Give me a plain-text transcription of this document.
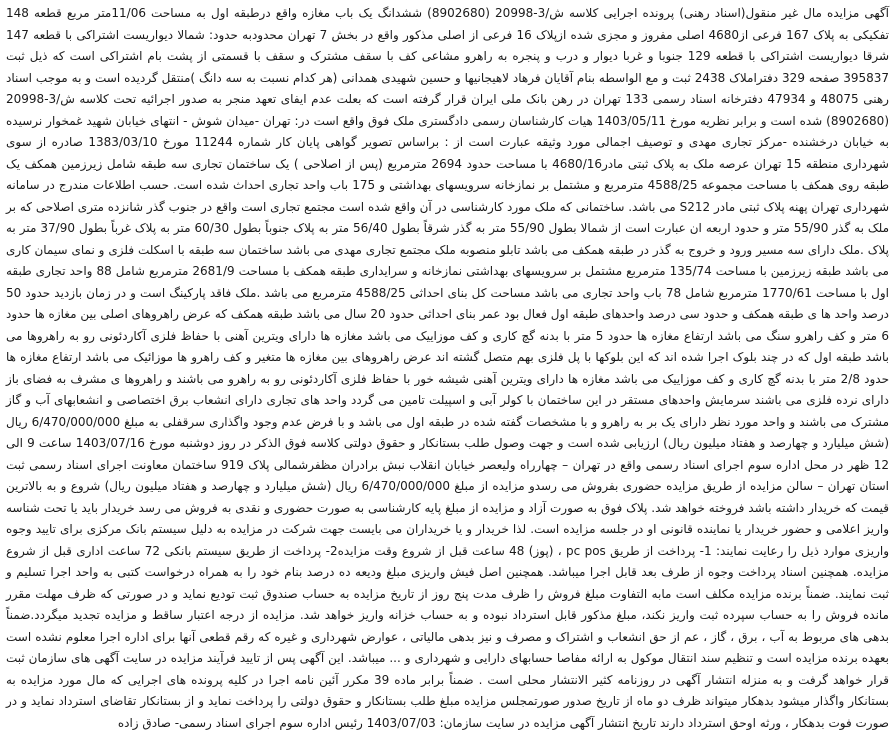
آگهی مزایده مال غیر منقول(اسناد رهنی) پرونده اجرایی کلاسه ش/3-20998 (8902680) ششدانگ یک باب مغازه واقع درطبقه اول به مساحت 11/06متر مربع قطعه 148 تفکیکی به پلاک 167 فرعی از4680 اصلی مفروز و مجزی شده ازپلاک 16 فرعی از اصلی مذکور واقع در بخش 7 تهران محدودبه حدود: شمالا دیواریست اشتراکی با قطعه 147 شرقا دیواریست اشتراکی با قطعه 129 جنوبا و غربا دیوار و درب و پنجره به راهرو مشاعی کف با سقف مشترک و سقف با قسمتی از پشت بام اشتراکی است که ذیل ثبت 395837 صفحه 329 دفتراملاک 2438 ثبت و مع الواسطه بنام آقایان فرهاد لاهیجانیها و حسین شهیدی همدانی (هر کدام نسبت به سه دانگ )منتقل گردیده است و به موجب اسناد رهنی 48075 و 47934 دفترخانه اسناد رسمی 133 تهران در رهن بانک ملی ایران قرار گرفته است که بعلت عدم ایفای تعهد منجر به صدور اجرائیه تحت کلاسه ش/3-20998 (8902680) شده است و برابر نظریه مورخ 1403/05/11 هیات کارشناسان رسمی دادگستری ملک فوق واقع است در: تهران -میدان شوش - انتهای خیابان شهید غمخوار نرسیده به خیابان درخشنده -مرکز تجاری مهدی و توصیف اجمالی مورد وثیقه عبارت است از : براساس تصویر گواهی پایان کار شماره 11244 مورخ 1383/03/10 صادره از سوی شهرداری منطقه 15 تهران عرصه ملک به پلاک ثبتی مادر4680/16 با مساحت حدود 2694 مترمربع (پس از اصلاحی ) یک ساختمان تجاری سه طبقه شامل زیرزمین همکف یک طبقه روی همکف با مساحت مجموعه 4588/25 مترمربع و مشتمل بر نمازخانه سرویسهای بهداشتی و 175 باب واحد تجاری احداث شده است. حسب اطلاعات مندرج در سامانه شهرداری تهران پهنه پلاک ثبتی مادر S212 می باشد. ساختمانی که ملک مورد کارشناسی در آن واقع شده است مجتمع تجاری است واقع در جنوب گذر شانزده متری اصلاحی که بر ملک به گذر 55/90 متر و حدود اربعه ان عبارت است از شمالا بطول 55/90 متر به گذر شرقاً بطول 56/40 متر به پلاک جنوباً بطول 60/30 متر به پلاک غرباً بطول 37/90 متر به پلاک .ملک دارای سه مسیر ورود و خروج به گذر در طبقه همکف می باشد تابلو منصوبه ملک مجتمع تجاری مهدی می باشد ساختمان سه طبقه با اسکلت فلزی و نمای سیمان کاری می باشد طبقه زیرزمین با مساحت 135/74 مترمربع مشتمل بر سرویسهای بهداشتی نمازخانه و سرایداری طبقه همکف با مساحت 2681/9 مترمربع شامل 88 واحد تجاری طبقه اول با مساحت 1770/61 مترمربع شامل 78 باب واحد تجاری می باشد مساحت کل بنای احداثی 4588/25 مترمربع می باشد .ملک فاقد پارکینگ است و در زمان بازدید حدود 50 درصد واحد ها ی طبقه همکف و حدود سی درصد واحدهای طبقه اول فعال بود عمر بنای احداثی حدود 20 سال می باشد طبقه همکف که عرض راهروهای اصلی بین مغازه ها حدود 6 متر و کف راهرو سنگ می باشد ارتفاع مغازه ها حدود 5 متر با بدنه گچ کاری و کف موزاییک می باشد مغازه ها دارای ویترین آهنی با حفاظ فلزی آکاردئونی رو به راهروها می باشد طبقه اول که در چند بلوک اجرا شده اند که این بلوکها با پل فلزی بهم متصل گشته اند عرض راهروهای بین مغازه ها متغیر و کف راهرو ها موزائیک می باشد ارتفاع مغازه ها حدود 2/8 متر با بدنه گچ کاری و کف موزاییک می باشد مغازه ها دارای ویترین آهنی شیشه خور با حفاظ فلزی آکاردئونی رو به راهرو می باشند و راهروها ی مشرف به فضای باز دارای نرده فلزی می باشند سرمایش واحدهای مستقر در این ساختمان با کولر آبی و اسپیلت تامین می گردد واحد های تجاری دارای انشعاب برق اختصاصی و انشعابهای آب و گاز مشترک می باشند و واحد مورد نظر دارای یک بر به راهرو و با مشخصات گفته شده در طبقه اول می باشد و با فرض عدم وجود واگذاری سرقفلی به مبلغ 6/470/000/000 ریال (شش میلیارد و چهارصد و هفتاد میلیون ریال) ارزیابی شده است و جهت وصول طلب بستانکار و حقوق دولتی کلاسه فوق الذکر در روز دوشنبه مورخ 1403/07/16 ساعت 9 الی 12 ظهر در محل اداره سوم اجرای اسناد رسمی واقع در تهران – چهارراه ولیعصر خیابان انقلاب نبش برادران مظفرشمالی پلاک 919 ساختمان معاونت اجرای اسناد رسمی ثبت استان تهران – سالن مزایده از طریق مزایده حضوری بفروش می رسدو مزایده از مبلغ 6/470/000/000 ریال (شش میلیارد و چهارصد و هفتاد میلیون ریال) شروع و به بالاترین قیمت که خریدار داشته باشد فروخته خواهد شد. پلاک فوق به صورت آزاد و مزایده از مبلغ پایه کارشناسی به صورت حضوری و نقدی به فروش می رسد خریدار باید یا تحت شناسه واریز اعلامی و حضور خریدار یا نماینده قانونی او در جلسه مزایده است. لذا خریدار و یا خریداران می بایست جهت شرکت در مزایده به دلیل سیستم بانک مرکزی برای تایید وجوه واریزی موارد ذیل را رعایت نمایند: 1- پرداخت از طریق pc pos ، (پوز) 48 ساعت قبل از شروع وقت مزایده2- پرداخت از طریق سیستم بانکی 72 ساعت اداری قبل از شروع مزایده. همچنین اسناد پرداخت وجوه از طرف بعد قابل اجرا میباشد. همچنین اصل فیش واریزی مبلغ ودیعه ده درصد بنام خود را به همراه درخواست کتبی به واحد اجرا تسلیم و ثبت نمایند. ضمناً برنده مزایده مکلف است مابه التفاوت مبلغ فروش را ظرف مدت پنج روز از تاریخ مزایده به حساب صندوق ثبت تودیع نماید و در صورتی که ظرف مهلت مقرر مانده فروش را به حساب سپرده ثبت واریز نکند، مبلغ مذکور قابل استرداد نبوده و به حساب خزانه واریز خواهد شد. مزایده از درجه اعتبار ساقط و مزایده تجدید میگردد.ضمناً بدهی های مربوط به آب ، برق ، گاز ، عم از حق انشعاب و اشتراک و مصرف و نیز بدهی مالیاتی ، عوارض شهرداری و غیره که رقم قطعی آنها برای اداره اجرا معلوم نشده است بعهده برنده مزایده است و تنظیم سند انتقال موکول به ارائه مفاصا حسابهای دارایی و شهرداری و ... میباشد. این آگهی پس از تایید فرآیند مزایده در سایت آگهی های سازمان ثبت قرار خواهد گرفت و به منزله انتشار آگهی در روزنامه کثیر الانتشار محلی است . ضمناً برابر ماده 39 مکرر آئین نامه اجرا در کلیه پرونده های اجرایی که مال مورد مزایده به بستانکار واگذار میشود بدهکار میتواند ظرف دو ماه از تاریخ صدور صورتمجلس مزایده مبلغ طلب بستانکار و حقوق دولتی را پرداخت نماید و از بستانکار تقاضای استرداد نماید و در صورت فوت بدهکار ، ورثه اوحق استرداد دارند تاریخ انتشار آگهی مزایده در سایت سازمان: 1403/07/03 رئیس اداره سوم اجرای اسناد رسمی- صادق زاده
